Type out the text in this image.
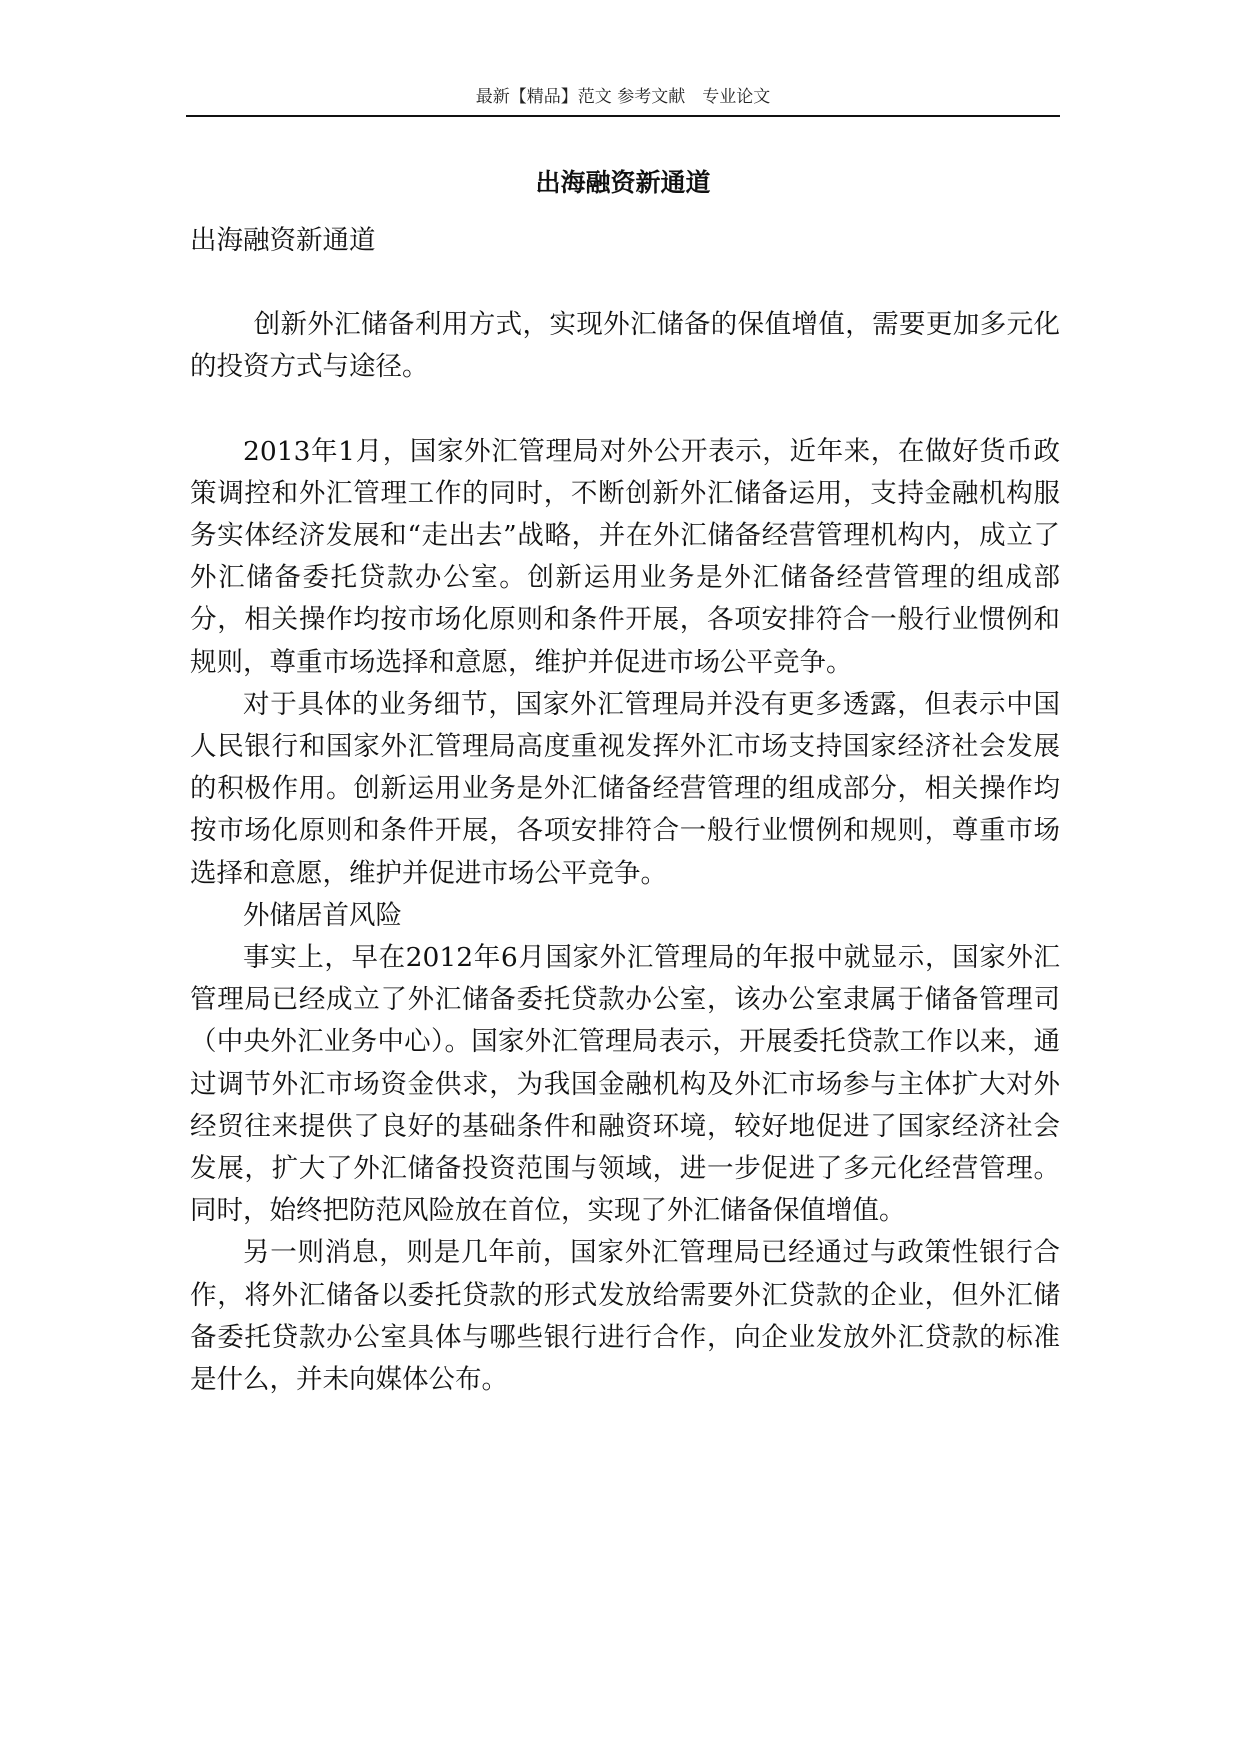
最新【精品】范文 参考文献　专业论文
出海融资新通道

出海融资新通道

创新外汇储备利用方式，实现外汇储备的保值增值，需要更加多元化的投资方式与途径。

2013年1月，国家外汇管理局对外公开表示，近年来，在做好货币政策调控和外汇管理工作的同时，不断创新外汇储备运用，支持金融机构服务实体经济发展和“走出去”战略，并在外汇储备经营管理机构内，成立了外汇储备委托贷款办公室。创新运用业务是外汇储备经营管理的组成部分，相关操作均按市场化原则和条件开展，各项安排符合一般行业惯例和规则，尊重市场选择和意愿，维护并促进市场公平竞争。

对于具体的业务细节，国家外汇管理局并没有更多透露，但表示中国人民银行和国家外汇管理局高度重视发挥外汇市场支持国家经济社会发展的积极作用。创新运用业务是外汇储备经营管理的组成部分，相关操作均按市场化原则和条件开展，各项安排符合一般行业惯例和规则，尊重市场选择和意愿，维护并促进市场公平竞争。

外储居首风险

事实上，早在2012年6月国家外汇管理局的年报中就显示，国家外汇管理局已经成立了外汇储备委托贷款办公室，该办公室隶属于储备管理司（中央外汇业务中心）。国家外汇管理局表示，开展委托贷款工作以来，通过调节外汇市场资金供求，为我国金融机构及外汇市场参与主体扩大对外经贸往来提供了良好的基础条件和融资环境，较好地促进了国家经济社会发展，扩大了外汇储备投资范围与领域，进一步促进了多元化经营管理。同时，始终把防范风险放在首位，实现了外汇储备保值增值。

另一则消息，则是几年前，国家外汇管理局已经通过与政策性银行合作，将外汇储备以委托贷款的形式发放给需要外汇贷款的企业，但外汇储备委托贷款办公室具体与哪些银行进行合作，向企业发放外汇贷款的标准是什么，并未向媒体公布。
